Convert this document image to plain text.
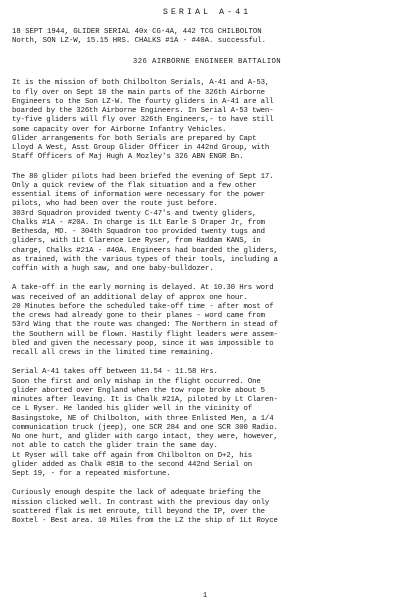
SERIAL A-41
18 SEPT 1944, GLIDER SERIAL 40x CG-4A, 442 TCG CHILBOLTON
North, SON LZ-W, 15.15 HRS. CHALKS #1A - #40A. successful.
326 AIRBORNE ENGINEER BATTALION
It is the mission of both Chilbolton Serials, A-41 and A-53,
to fly over on Sept 18 the main parts of the 326th Airborne
Engineers to the Son LZ-W. The fourty gliders in A-41 are all
boarded by the 326th Airborne Engineers. In Serial A-53 twen-
ty-five gliders will fly over 326th Engineers,- to have still
some capacity over for Airborne Infantry Vehicles.
Glider arrangements for both Serials are prepared by Capt
Lloyd A West, Asst Group Glider Officer in 442nd Group, with
Staff Officers of Maj Hugh A Mozley's 326 ABN ENGR Bn.
The 80 glider pilots had been briefed the evening of Sept 17.
Only a quick review of the flak situation and a few other
essential items of information were necessary for the power
pilots, who had been over the route just before.
303rd Squadron provided twenty C-47's and twenty gliders,
Chalks #1A - #20A. In charge is 1Lt Earle S Draper Jr, from
Bethesda, MD. - 304th Squadron too provided twenty tugs and
gliders, with 1Lt Clarence Lee Ryser, from Haddam KANS, in
charge, Chalks #21A - #40A. Engineers had boarded the gliders,
as trained, with the various types of their tools, including a
coffin with a hugh saw, and one baby-bulldozer.
A take-off in the early morning is delayed. At 10.30 Hrs word
was received of an additional delay of approx one hour.
20 Minutes before the scheduled take-off time - after most of
the crews had already gone to their planes - word came from
53rd Wing that the route was changed: The Northern in stead of
the Southern will be flown. Hastily flight leaders were assem-
bled and given the necessary poop, since it was impossible to
recall all crews in the limited time remaining.
Serial A-41 takes off between 11.54 - 11.58 Hrs.
Soon the first and only mishap in the flight occurred. One
glider aborted over England when the tow rope broke about 5
minutes after leaving. It is Chalk #21A, piloted by Lt Claren-
ce L Ryser. He landed his glider well in the vicinity of
Basingstoke, NE of Chilbolton, with three Enlisted Men, a 1/4
communication truck (jeep), one SCR 284 and one SCR 300 Radio.
No one hurt, and glider with cargo intact, they were, however,
not able to catch the glider train the same day.
Lt Ryser will take off again from Chilbolton on D+2, his
glider added as Chalk #81B to the second 442nd Serial on
Sept 19, - for a repeated misfortune.
Curiously enough despite the lack of adequate briefing the
mission clicked well. In contrast with the previous day only
scattered flak is met enroute, till beyond the IP, over the
Boxtel - Best area. 10 Miles from the LZ the ship of 1Lt Royce
1
